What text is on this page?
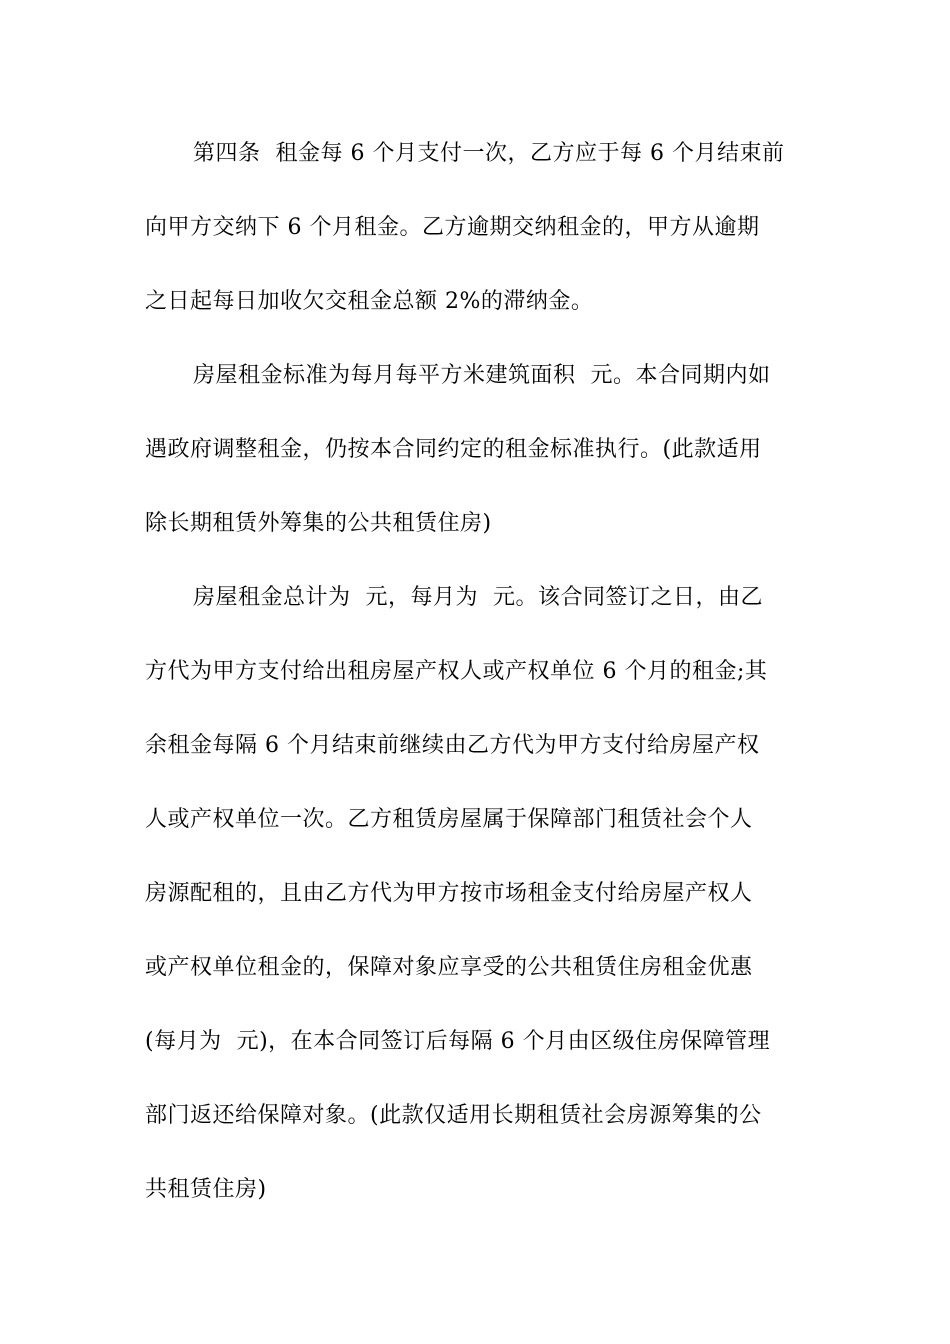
第四条  租金每 6 个月支付一次，乙方应于每 6 个月结束前
向甲方交纳下 6 个月租金。乙方逾期交纳租金的，甲方从逾期
之日起每日加收欠交租金总额 2%的滞纳金。
房屋租金标准为每月每平方米建筑面积  元。本合同期内如
遇政府调整租金，仍按本合同约定的租金标准执行。(此款适用
除长期租赁外筹集的公共租赁住房)
房屋租金总计为  元，每月为  元。该合同签订之日，由乙
方代为甲方支付给出租房屋产权人或产权单位 6 个月的租金;其
余租金每隔 6 个月结束前继续由乙方代为甲方支付给房屋产权
人或产权单位一次。乙方租赁房屋属于保障部门租赁社会个人
房源配租的，且由乙方代为甲方按市场租金支付给房屋产权人
或产权单位租金的，保障对象应享受的公共租赁住房租金优惠
(每月为  元)，在本合同签订后每隔 6 个月由区级住房保障管理
部门返还给保障对象。(此款仅适用长期租赁社会房源筹集的公
共租赁住房)
